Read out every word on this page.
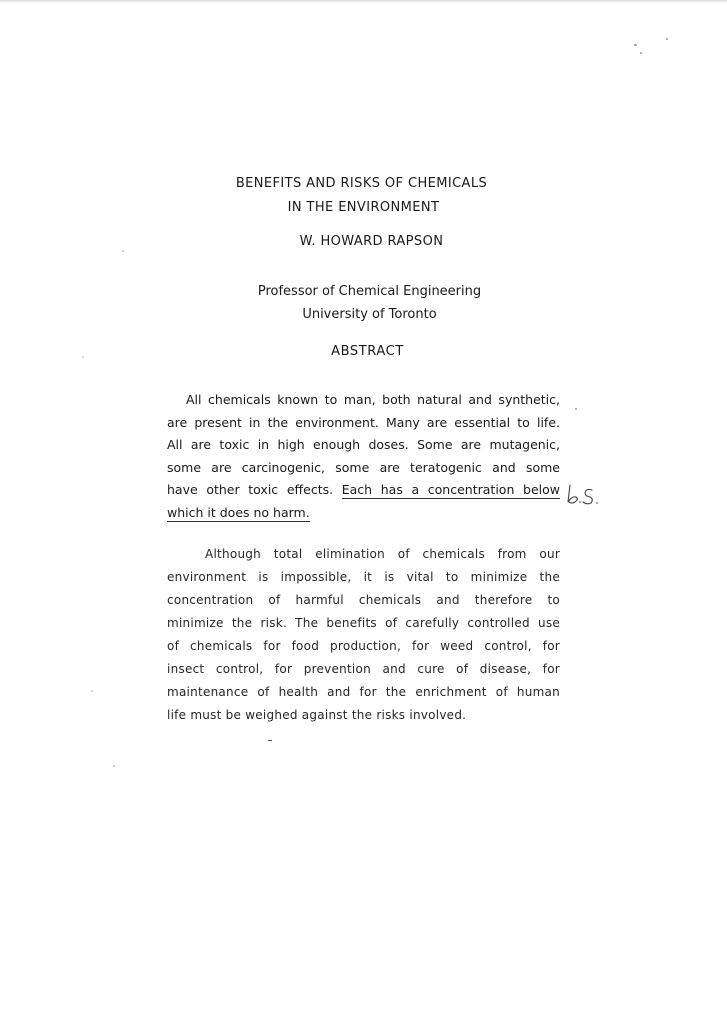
BENEFITS AND RISKS OF CHEMICALS
IN THE ENVIRONMENT
W. HOWARD RAPSON
Professor of Chemical Engineering
University of Toronto
ABSTRACT
All chemicals known to man, both natural and synthetic,
are present in the environment. Many are essential to life.
All are toxic in high enough doses. Some are mutagenic,
some are carcinogenic, some are teratogenic and some
have other toxic effects. Each has a concentration below
which it does no harm.
Although total elimination of chemicals from our
environment is impossible, it is vital to minimize the
concentration of harmful chemicals and therefore to
minimize the risk. The benefits of carefully controlled use
of chemicals for food production, for weed control, for
insect control, for prevention and cure of disease, for
maintenance of health and for the enrichment of human
life must be weighed against the risks involved.
